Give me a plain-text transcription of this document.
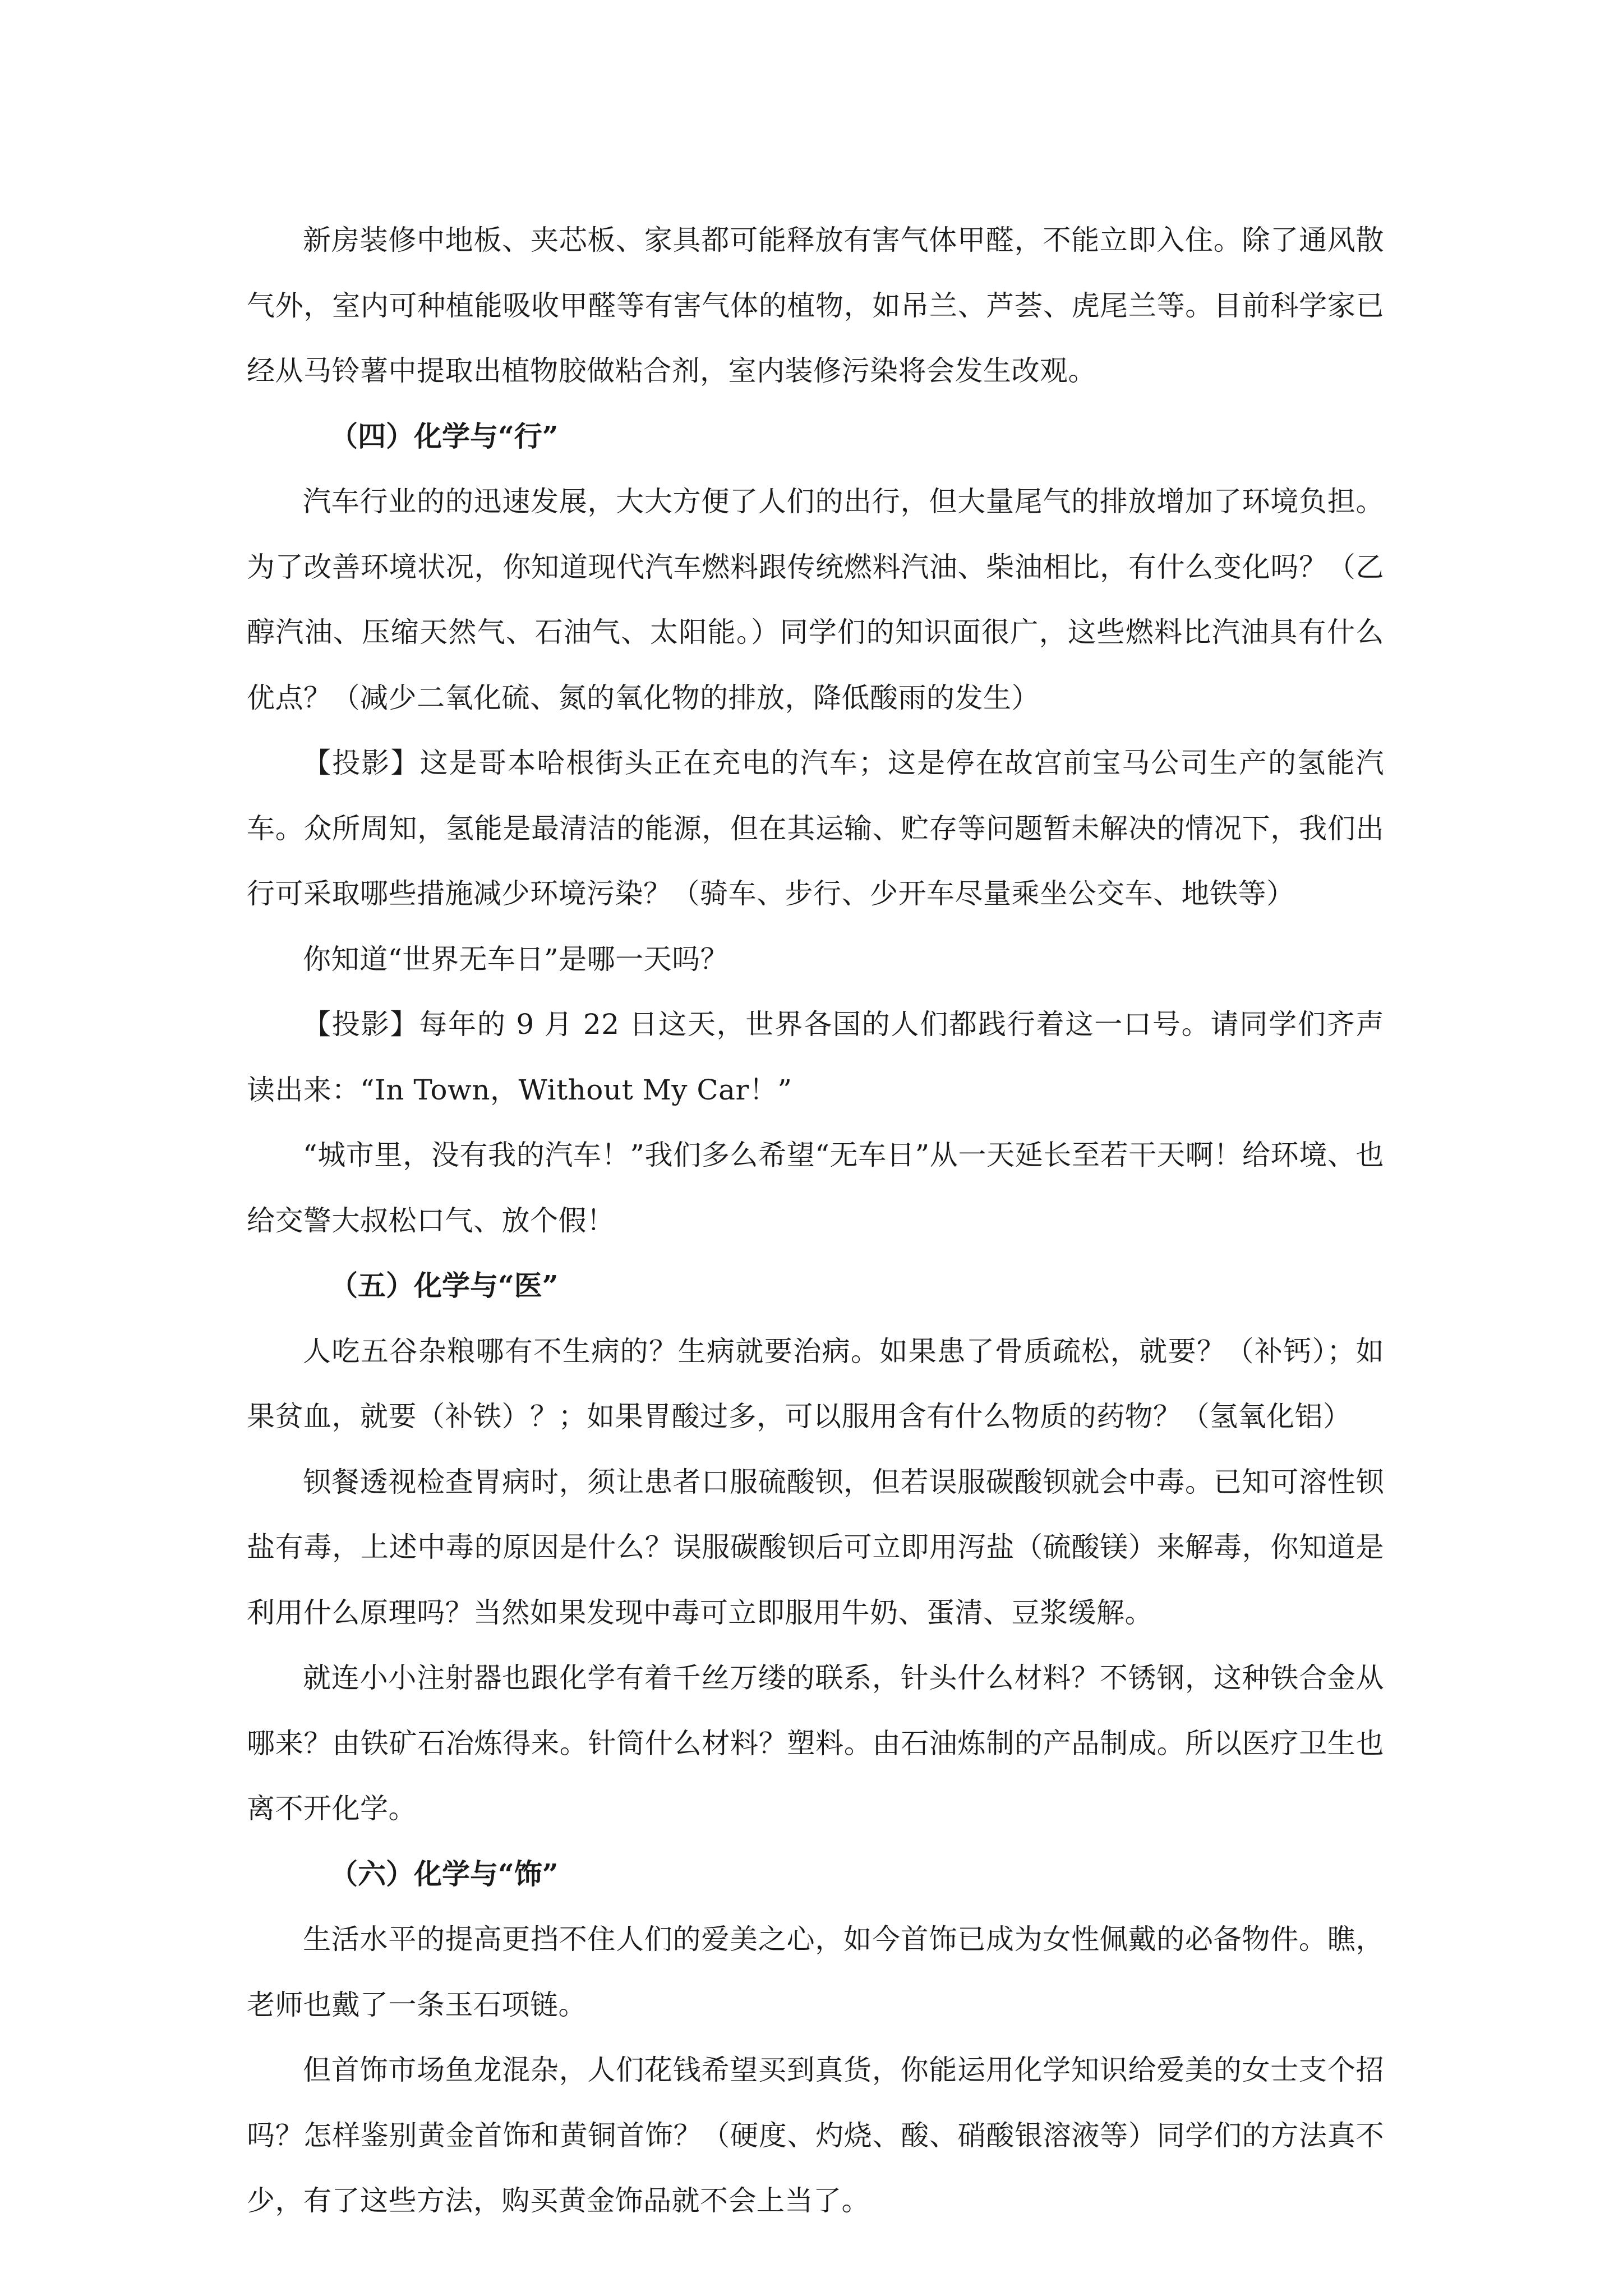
新房装修中地板、夹芯板、家具都可能释放有害气体甲醛，不能立即入住。除了通风散气外，室内可种植能吸收甲醛等有害气体的植物，如吊兰、芦荟、虎尾兰等。目前科学家已经从马铃薯中提取出植物胶做粘合剂，室内装修污染将会发生改观。

（四）化学与“行”

汽车行业的的迅速发展，大大方便了人们的出行，但大量尾气的排放增加了环境负担。为了改善环境状况，你知道现代汽车燃料跟传统燃料汽油、柴油相比，有什么变化吗？（乙醇汽油、压缩天然气、石油气、太阳能。）同学们的知识面很广，这些燃料比汽油具有什么优点？（减少二氧化硫、氮的氧化物的排放，降低酸雨的发生）

【投影】这是哥本哈根街头正在充电的汽车；这是停在故宫前宝马公司生产的氢能汽车。众所周知，氢能是最清洁的能源，但在其运输、贮存等问题暂未解决的情况下，我们出行可采取哪些措施减少环境污染？（骑车、步行、少开车尽量乘坐公交车、地铁等）

你知道“世界无车日”是哪一天吗？

【投影】每年的 9 月 22 日这天，世界各国的人们都践行着这一口号。请同学们齐声读出来：“In Town，Without My Car！”

“城市里，没有我的汽车！”我们多么希望“无车日”从一天延长至若干天啊！给环境、也给交警大叔松口气、放个假！

（五）化学与“医”

人吃五谷杂粮哪有不生病的？生病就要治病。如果患了骨质疏松，就要？（补钙）；如果贫血，就要（补铁）？；如果胃酸过多，可以服用含有什么物质的药物？（氢氧化铝）

钡餐透视检查胃病时，须让患者口服硫酸钡，但若误服碳酸钡就会中毒。已知可溶性钡盐有毒，上述中毒的原因是什么？误服碳酸钡后可立即用泻盐（硫酸镁）来解毒，你知道是利用什么原理吗？当然如果发现中毒可立即服用牛奶、蛋清、豆浆缓解。

就连小小注射器也跟化学有着千丝万缕的联系，针头什么材料？不锈钢，这种铁合金从哪来？由铁矿石冶炼得来。针筒什么材料？塑料。由石油炼制的产品制成。所以医疗卫生也离不开化学。

（六）化学与“饰”

生活水平的提高更挡不住人们的爱美之心，如今首饰已成为女性佩戴的必备物件。瞧，老师也戴了一条玉石项链。

但首饰市场鱼龙混杂，人们花钱希望买到真货，你能运用化学知识给爱美的女士支个招吗？怎样鉴别黄金首饰和黄铜首饰？（硬度、灼烧、酸、硝酸银溶液等）同学们的方法真不少，有了这些方法，购买黄金饰品就不会上当了。
